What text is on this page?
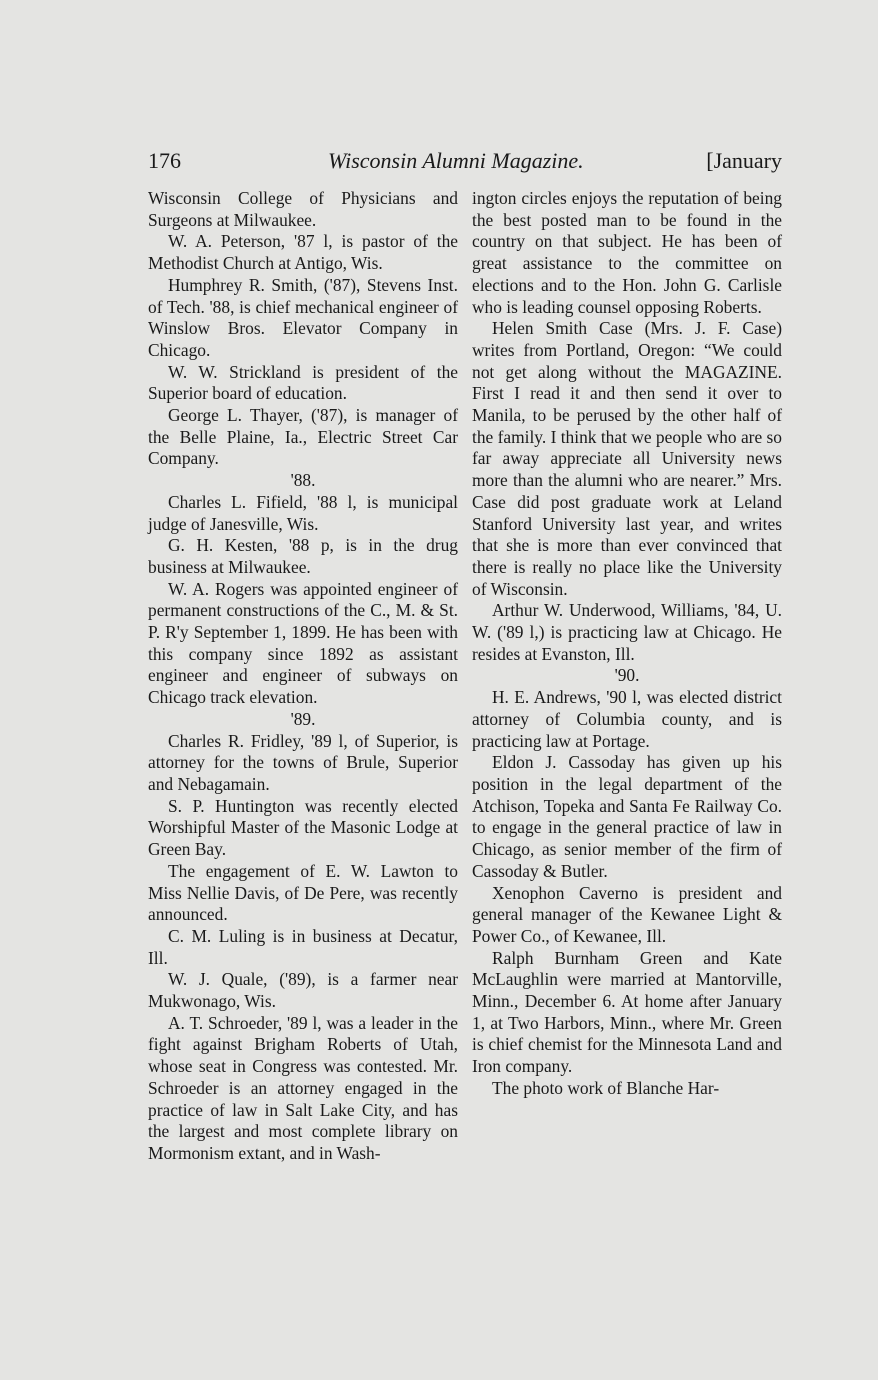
176	Wisconsin Alumni Magazine.	[January

Wisconsin College of Physicians and Surgeons at Milwaukee.

W. A. Peterson, '87 l, is pastor of the Methodist Church at Antigo, Wis.

Humphrey R. Smith, ('87), Stevens Inst. of Tech. '88, is chief mechanical engineer of Winslow Bros. Elevator Company in Chicago.

W. W. Strickland is president of the Superior board of education.

George L. Thayer, ('87), is manager of the Belle Plaine, Ia., Electric Street Car Company.

'88.

Charles L. Fifield, '88 l, is municipal judge of Janesville, Wis.

G. H. Kesten, '88 p, is in the drug business at Milwaukee.

W. A. Rogers was appointed engineer of permanent constructions of the C., M. & St. P. R'y September 1, 1899. He has been with this company since 1892 as assistant engineer and engineer of subways on Chicago track elevation.

'89.

Charles R. Fridley, '89 l, of Superior, is attorney for the towns of Brule, Superior and Nebagamain.

S. P. Huntington was recently elected Worshipful Master of the Masonic Lodge at Green Bay.

The engagement of E. W. Lawton to Miss Nellie Davis, of De Pere, was recently announced.

C. M. Luling is in business at Decatur, Ill.

W. J. Quale, ('89), is a farmer near Mukwonago, Wis.

A. T. Schroeder, '89 l, was a leader in the fight against Brigham Roberts of Utah, whose seat in Congress was contested. Mr. Schroeder is an attorney engaged in the practice of law in Salt Lake City, and has the largest and most complete library on Mormonism extant, and in Wash-

ington circles enjoys the reputation of being the best posted man to be found in the country on that subject. He has been of great assistance to the committee on elections and to the Hon. John G. Carlisle who is leading counsel opposing Roberts.

Helen Smith Case (Mrs. J. F. Case) writes from Portland, Oregon: “We could not get along without the MAGAZINE. First I read it and then send it over to Manila, to be perused by the other half of the family. I think that we people who are so far away appreciate all University news more than the alumni who are nearer.” Mrs. Case did post graduate work at Leland Stanford University last year, and writes that she is more than ever convinced that there is really no place like the University of Wisconsin.

Arthur W. Underwood, Williams, '84, U. W. ('89 l,) is practicing law at Chicago. He resides at Evanston, Ill.

'90.

H. E. Andrews, '90 l, was elected district attorney of Columbia county, and is practicing law at Portage.

Eldon J. Cassoday has given up his position in the legal department of the Atchison, Topeka and Santa Fe Railway Co. to engage in the general practice of law in Chicago, as senior member of the firm of Cassoday & Butler.

Xenophon Caverno is president and general manager of the Kewanee Light & Power Co., of Kewanee, Ill.

Ralph Burnham Green and Kate McLaughlin were married at Mantorville, Minn., December 6. At home after January 1, at Two Harbors, Minn., where Mr. Green is chief chemist for the Minnesota Land and Iron company.

The photo work of Blanche Har-
